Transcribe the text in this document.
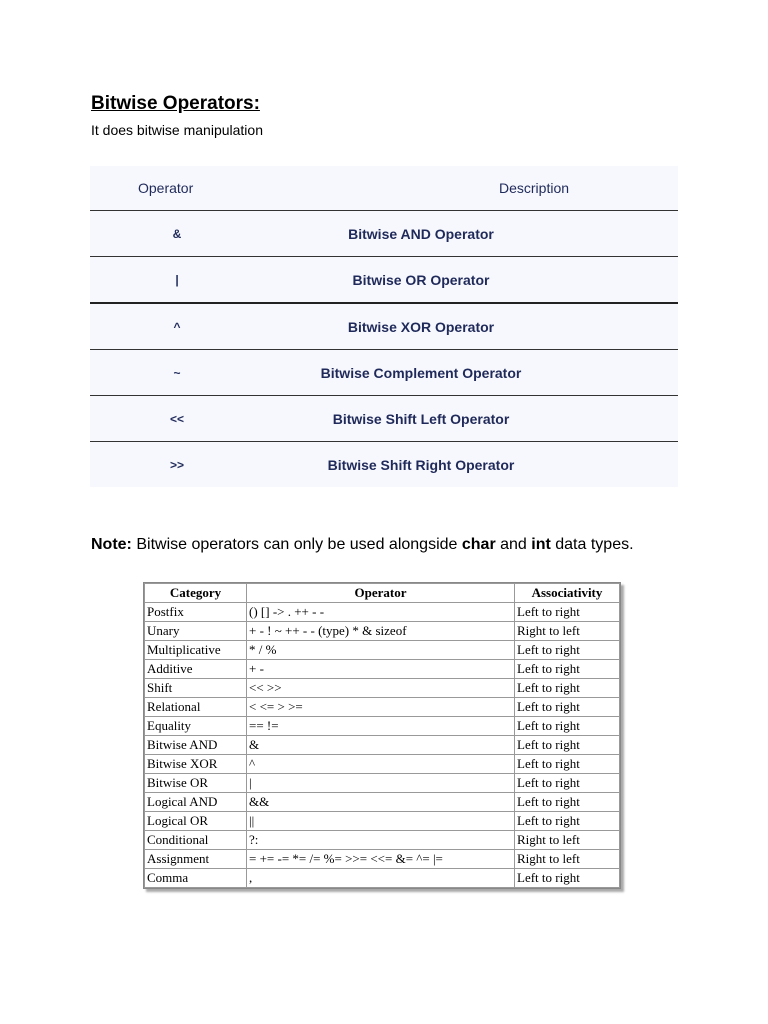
Bitwise Operators:

It does bitwise manipulation

Operator	Description
&	Bitwise AND Operator
|	Bitwise OR Operator
^	Bitwise XOR Operator
~	Bitwise Complement Operator
<<	Bitwise Shift Left Operator
>>	Bitwise Shift Right Operator

Note: Bitwise operators can only be used alongside char and int data types.

Category	Operator	Associativity
Postfix	() [] -> . ++ - -	Left to right
Unary	+ - ! ~ ++ - - (type) * & sizeof	Right to left
Multiplicative	* / %	Left to right
Additive	+ -	Left to right
Shift	<< >>	Left to right
Relational	< <= > >=	Left to right
Equality	== !=	Left to right
Bitwise AND	&	Left to right
Bitwise XOR	^	Left to right
Bitwise OR	|	Left to right
Logical AND	&&	Left to right
Logical OR	||	Left to right
Conditional	?:	Right to left
Assignment	= += -= *= /= %= >>= <<= &= ^= |=	Right to left
Comma	,	Left to right
